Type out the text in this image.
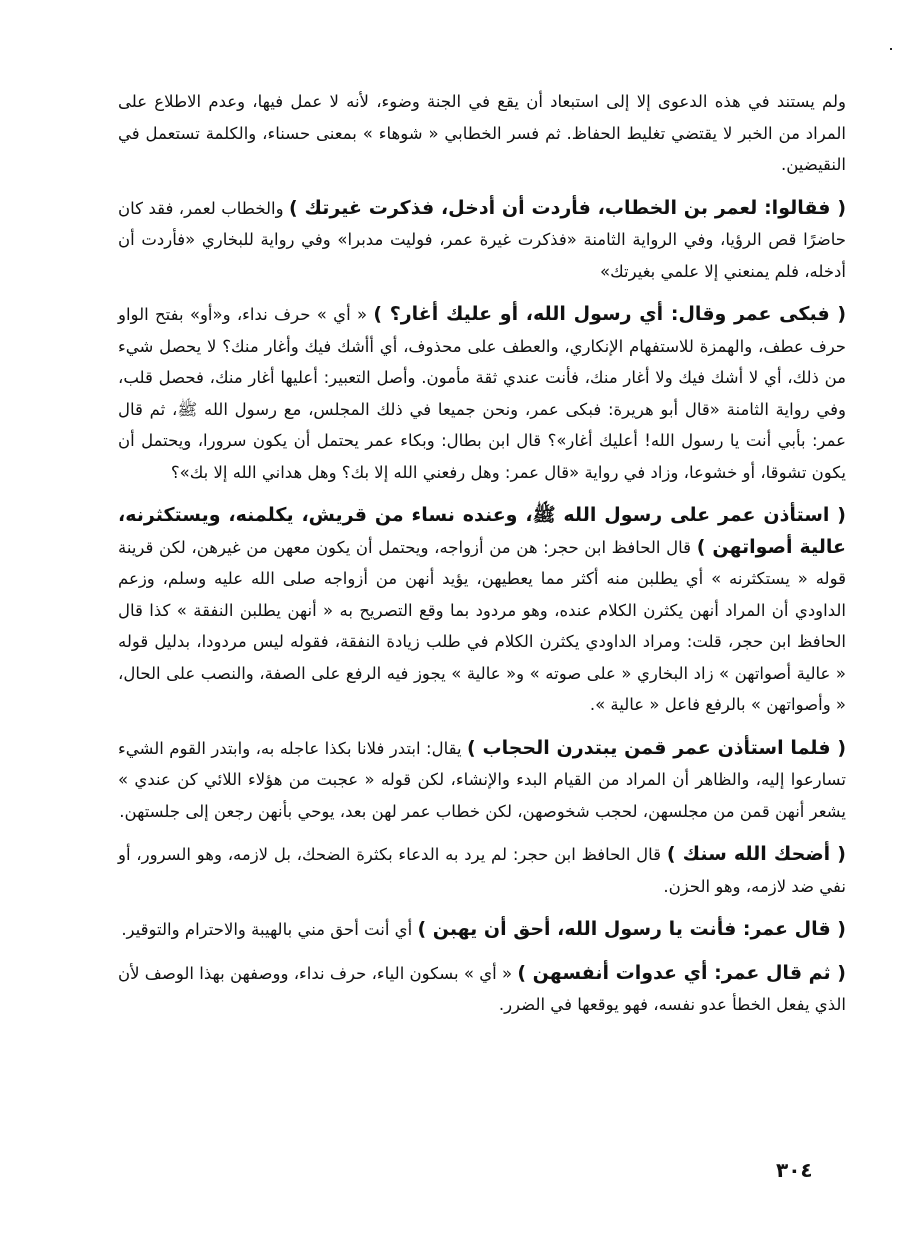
ولم يستند في هذه الدعوى إلا إلى استبعاد أن يقع في الجنة وضوء، لأنه لا عمل فيها، وعدم الاطلاع على المراد من الخبر لا يقتضي تغليط الحفاظ. ثم فسر الخطابي « شوهاء » بمعنى حسناء، والكلمة تستعمل في النقيضين.

( فقالوا: لعمر بن الخطاب، فأردت أن أدخل، فذكرت غيرتك ) والخطاب لعمر، فقد كان حاضرًا قص الرؤيا، وفي الرواية الثامنة «فذكرت غيرة عمر، فوليت مدبرا» وفي رواية للبخاري «فأردت أن أدخله، فلم يمنعني إلا علمي بغيرتك»

( فبكى عمر وقال: أي رسول الله، أو عليك أغار؟ ) « أي » حرف نداء، و«أو» بفتح الواو حرف عطف، والهمزة للاستفهام الإنكاري، والعطف على محذوف، أي أأشك فيك وأغار منك؟ لا يحصل شيء من ذلك، أي لا أشك فيك ولا أغار منك، فأنت عندي ثقة مأمون. وأصل التعبير: أعليها أغار منك، فحصل قلب، وفي رواية الثامنة «قال أبو هريرة: فبكى عمر، ونحن جميعا في ذلك المجلس، مع رسول الله ﷺ، ثم قال عمر: بأبي أنت يا رسول الله! أعليك أغار»؟ قال ابن بطال: وبكاء عمر يحتمل أن يكون سرورا، ويحتمل أن يكون تشوقا، أو خشوعا، وزاد في رواية «قال عمر: وهل رفعني الله إلا بك؟ وهل هداني الله إلا بك»؟

( استأذن عمر على رسول الله ﷺ، وعنده نساء من قريش، يكلمنه، ويستكثرنه، عالية أصواتهن ) قال الحافظ ابن حجر: هن من أزواجه، ويحتمل أن يكون معهن من غيرهن، لكن قرينة قوله « يستكثرنه » أي يطلبن منه أكثر مما يعطيهن، يؤيد أنهن من أزواجه صلى الله عليه وسلم، وزعم الداودي أن المراد أنهن يكثرن الكلام عنده، وهو مردود بما وقع التصريح به « أنهن يطلبن النفقة » كذا قال الحافظ ابن حجر، قلت: ومراد الداودي يكثرن الكلام في طلب زيادة النفقة، فقوله ليس مردودا، بدليل قوله « عالية أصواتهن » زاد البخاري « على صوته » و« عالية » يجوز فيه الرفع على الصفة، والنصب على الحال، « وأصواتهن » بالرفع فاعل « عالية ».

( فلما استأذن عمر قمن يبتدرن الحجاب ) يقال: ابتدر فلانا بكذا عاجله به، وابتدر القوم الشيء تسارعوا إليه، والظاهر أن المراد من القيام البدء والإنشاء، لكن قوله « عجبت من هؤلاء اللائي كن عندي » يشعر أنهن قمن من مجلسهن، لحجب شخوصهن، لكن خطاب عمر لهن بعد، يوحي بأنهن رجعن إلى جلستهن.

( أضحك الله سنك ) قال الحافظ ابن حجر: لم يرد به الدعاء بكثرة الضحك، بل لازمه، وهو السرور، أو نفي ضد لازمه، وهو الحزن.

( قال عمر: فأنت يا رسول الله، أحق أن يهبن ) أي أنت أحق مني بالهيبة والاحترام والتوقير.

( ثم قال عمر: أي عدوات أنفسهن ) « أي » بسكون الياء، حرف نداء، ووصفهن بهذا الوصف لأن الذي يفعل الخطأ عدو نفسه، فهو يوقعها في الضرر.

٣٠٤
